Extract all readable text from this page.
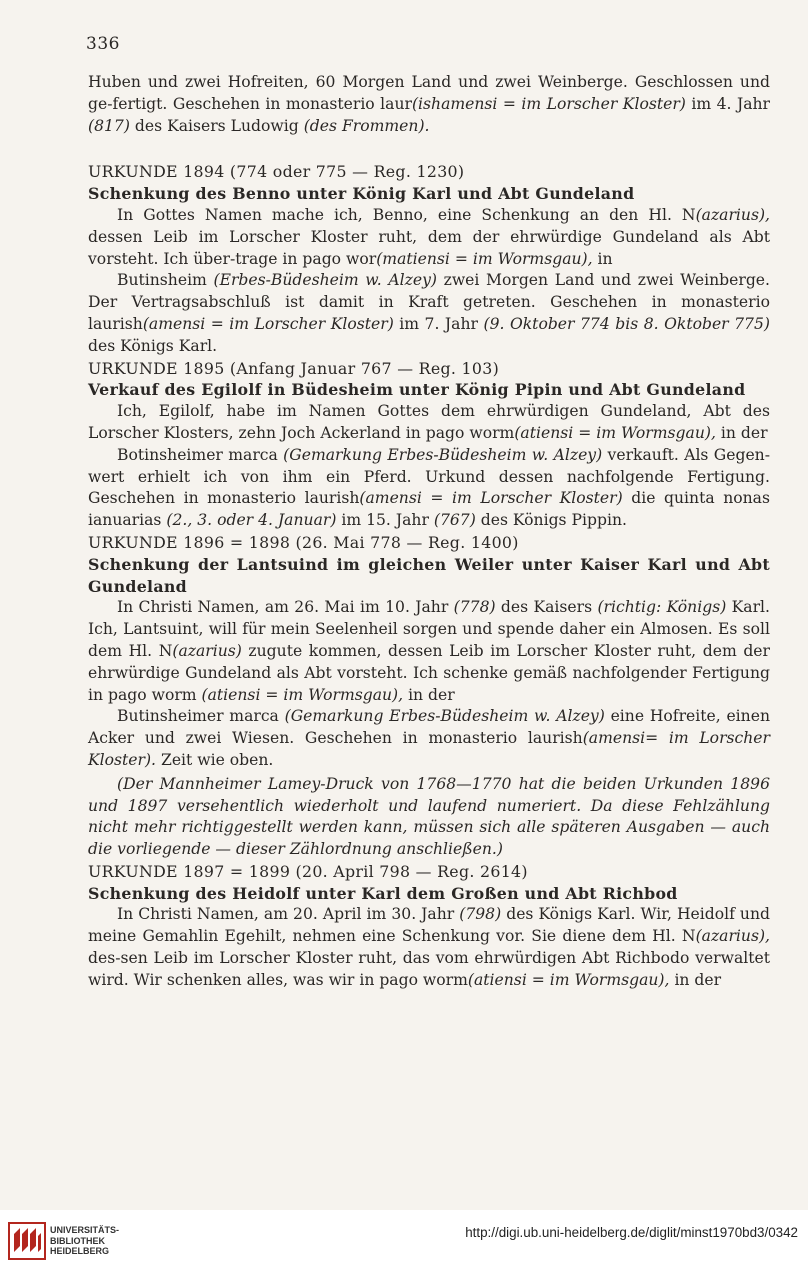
336

Huben und zwei Hofreiten, 60 Morgen Land und zwei Weinberge. Geschlossen und ge-fertigt. Geschehen in monasterio laur(ishamensi = im Lorscher Kloster) im 4. Jahr (817) des Kaisers Ludowig (des Frommen).

URKUNDE 1894 (774 oder 775 — Reg. 1230)

Schenkung des Benno unter König Karl und Abt Gundeland

In Gottes Namen mache ich, Benno, eine Schenkung an den Hl. N(azarius), dessen Leib im Lorscher Kloster ruht, dem der ehrwürdige Gundeland als Abt vorsteht. Ich über-trage in pago wor(matiensi = im Wormsgau), in

Butinsheim (Erbes-Büdesheim w. Alzey) zwei Morgen Land und zwei Weinberge. Der Vertragsabschluß ist damit in Kraft getreten. Geschehen in monasterio laurish(amensi = im Lorscher Kloster) im 7. Jahr (9. Oktober 774 bis 8. Oktober 775) des Königs Karl.

URKUNDE 1895 (Anfang Januar 767 — Reg. 103)

Verkauf des Egilolf in Büdesheim unter König Pipin und Abt Gundeland

Ich, Egilolf, habe im Namen Gottes dem ehrwürdigen Gundeland, Abt des Lorscher Klosters, zehn Joch Ackerland in pago worm(atiensi = im Wormsgau), in der

Botinsheimer marca (Gemarkung Erbes-Büdesheim w. Alzey) verkauft. Als Gegen-wert erhielt ich von ihm ein Pferd. Urkund dessen nachfolgende Fertigung. Geschehen in monasterio laurish(amensi = im Lorscher Kloster) die quinta nonas ianuarias (2., 3. oder 4. Januar) im 15. Jahr (767) des Königs Pippin.

URKUNDE 1896 = 1898 (26. Mai 778 — Reg. 1400)

Schenkung der Lantsuind im gleichen Weiler unter Kaiser Karl und Abt Gundeland

In Christi Namen, am 26. Mai im 10. Jahr (778) des Kaisers (richtig: Königs) Karl. Ich, Lantsuint, will für mein Seelenheil sorgen und spende daher ein Almosen. Es soll dem Hl. N(azarius) zugute kommen, dessen Leib im Lorscher Kloster ruht, dem der ehrwürdige Gundeland als Abt vorsteht. Ich schenke gemäß nachfolgender Fertigung in pago worm (atiensi = im Wormsgau), in der

Butinsheimer marca (Gemarkung Erbes-Büdesheim w. Alzey) eine Hofreite, einen Acker und zwei Wiesen. Geschehen in monasterio laurish(amensi= im Lorscher Kloster). Zeit wie oben.

(Der Mannheimer Lamey-Druck von 1768—1770 hat die beiden Urkunden 1896 und 1897 versehentlich wiederholt und laufend numeriert. Da diese Fehlzählung nicht mehr richtiggestellt werden kann, müssen sich alle späteren Ausgaben — auch die vorliegende — dieser Zählordnung anschließen.)

URKUNDE 1897 = 1899 (20. April 798 — Reg. 2614)

Schenkung des Heidolf unter Karl dem Großen und Abt Richbod

In Christi Namen, am 20. April im 30. Jahr (798) des Königs Karl. Wir, Heidolf und meine Gemahlin Egehilt, nehmen eine Schenkung vor. Sie diene dem Hl. N(azarius), des-sen Leib im Lorscher Kloster ruht, das vom ehrwürdigen Abt Richbodo verwaltet wird. Wir schenken alles, was wir in pago worm(atiensi = im Wormsgau), in der

UNIVERSITÄTS-
BIBLIOTHEK
HEIDELBERG
http://digi.ub.uni-heidelberg.de/diglit/minst1970bd3/0342
